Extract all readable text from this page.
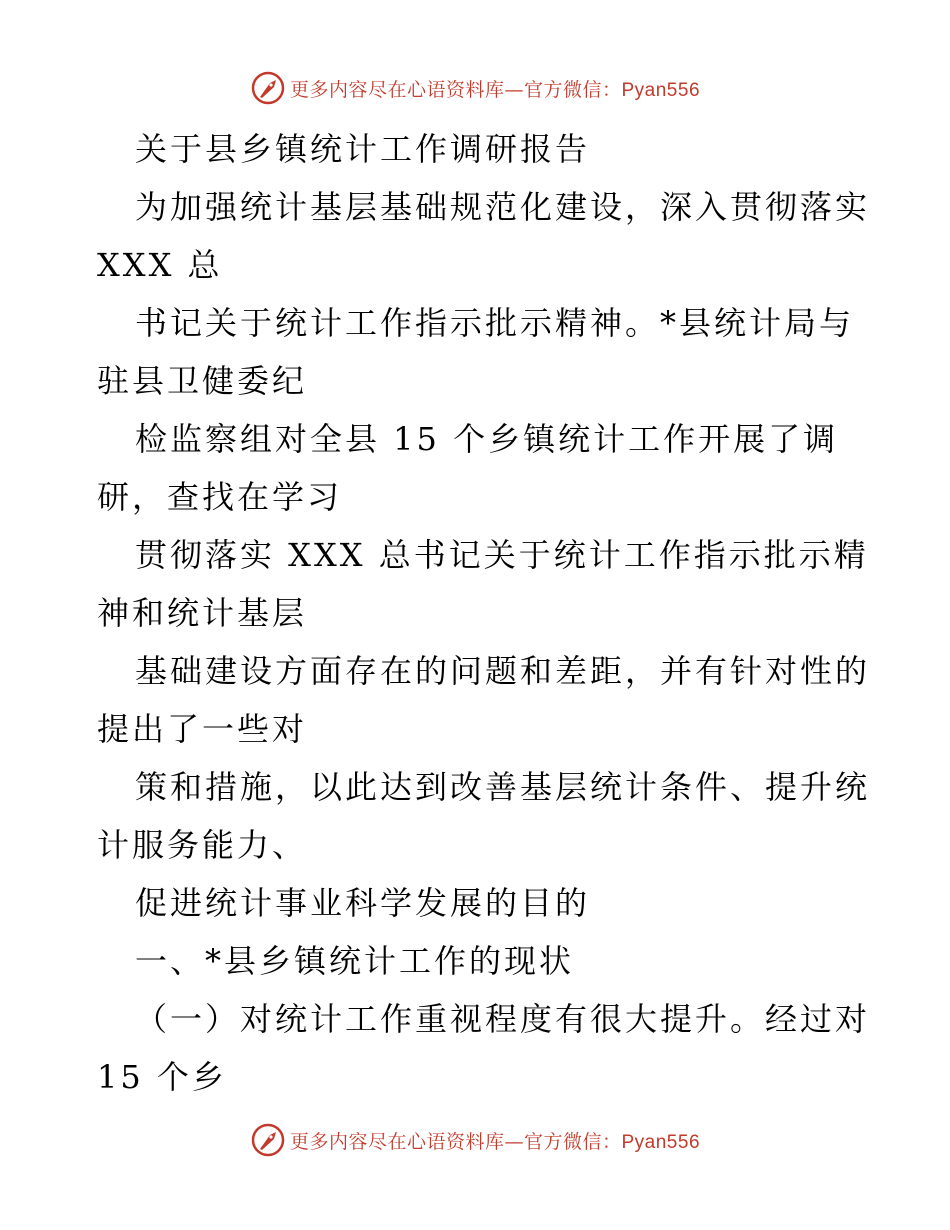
更多内容尽在心语资料库—官方微信：Pyan556

关于县乡镇统计工作调研报告

为加强统计基层基础规范化建设，深入贯彻落实

XXX 总

书记关于统计工作指示批示精神。*县统计局与

驻县卫健委纪

检监察组对全县 15 个乡镇统计工作开展了调

研，查找在学习

贯彻落实 XXX 总书记关于统计工作指示批示精

神和统计基层

基础建设方面存在的问题和差距，并有针对性的

提出了一些对

策和措施，以此达到改善基层统计条件、提升统

计服务能力、

促进统计事业科学发展的目的

一、*县乡镇统计工作的现状

（一）对统计工作重视程度有很大提升。经过对

15 个乡

更多内容尽在心语资料库—官方微信：Pyan556
